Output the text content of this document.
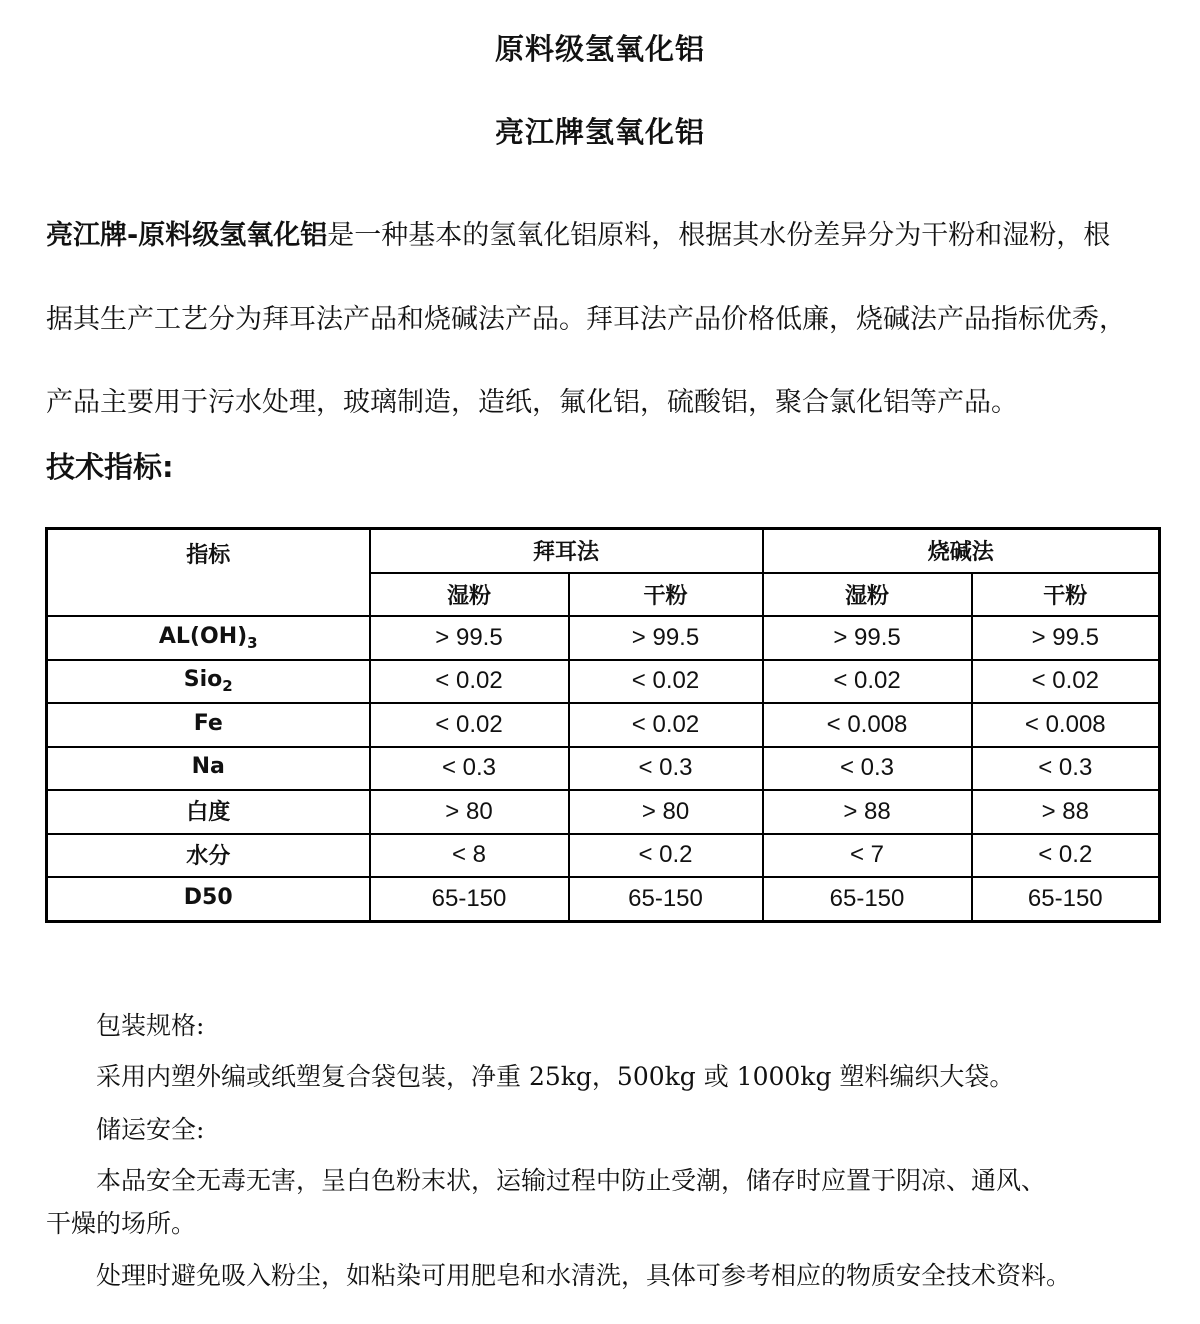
原料级氢氧化铝
亮江牌氢氧化铝
亮江牌-原料级氢氧化铝是一种基本的氢氧化铝原料，根据其水份差异分为干粉和湿粉，根
据其生产工艺分为拜耳法产品和烧碱法产品。拜耳法产品价格低廉，烧碱法产品指标优秀，
产品主要用于污水处理，玻璃制造，造纸，氟化铝，硫酸铝，聚合氯化铝等产品。
技术指标:
指标	拜耳法		烧碱法	
	湿粉	干粉	湿粉	干粉
$AL(OH)_3$	> 99.5	> 99.5	> 99.5	> 99.5
Sio$_2$	< 0.02	< 0.02	< 0.02	< 0.02
Fe	< 0.02	< 0.02	< 0.008	< 0.008
Na	< 0.3	< 0.3	< 0.3	< 0.3
白度	> 80	> 80	> 88	> 88
水分	< 8	< 0.2	< 7	< 0.2
D50	65-150	65-150	65-150	65-150
包装规格:
采用内塑外编或纸塑复合袋包装，净重 25kg，500kg 或 1000kg 塑料编织大袋。
储运安全:
本品安全无毒无害，呈白色粉末状，运输过程中防止受潮，储存时应置于阴凉、通风、
干燥的场所。
处理时避免吸入粉尘，如粘染可用肥皂和水清洗，具体可参考相应的物质安全技术资料。
